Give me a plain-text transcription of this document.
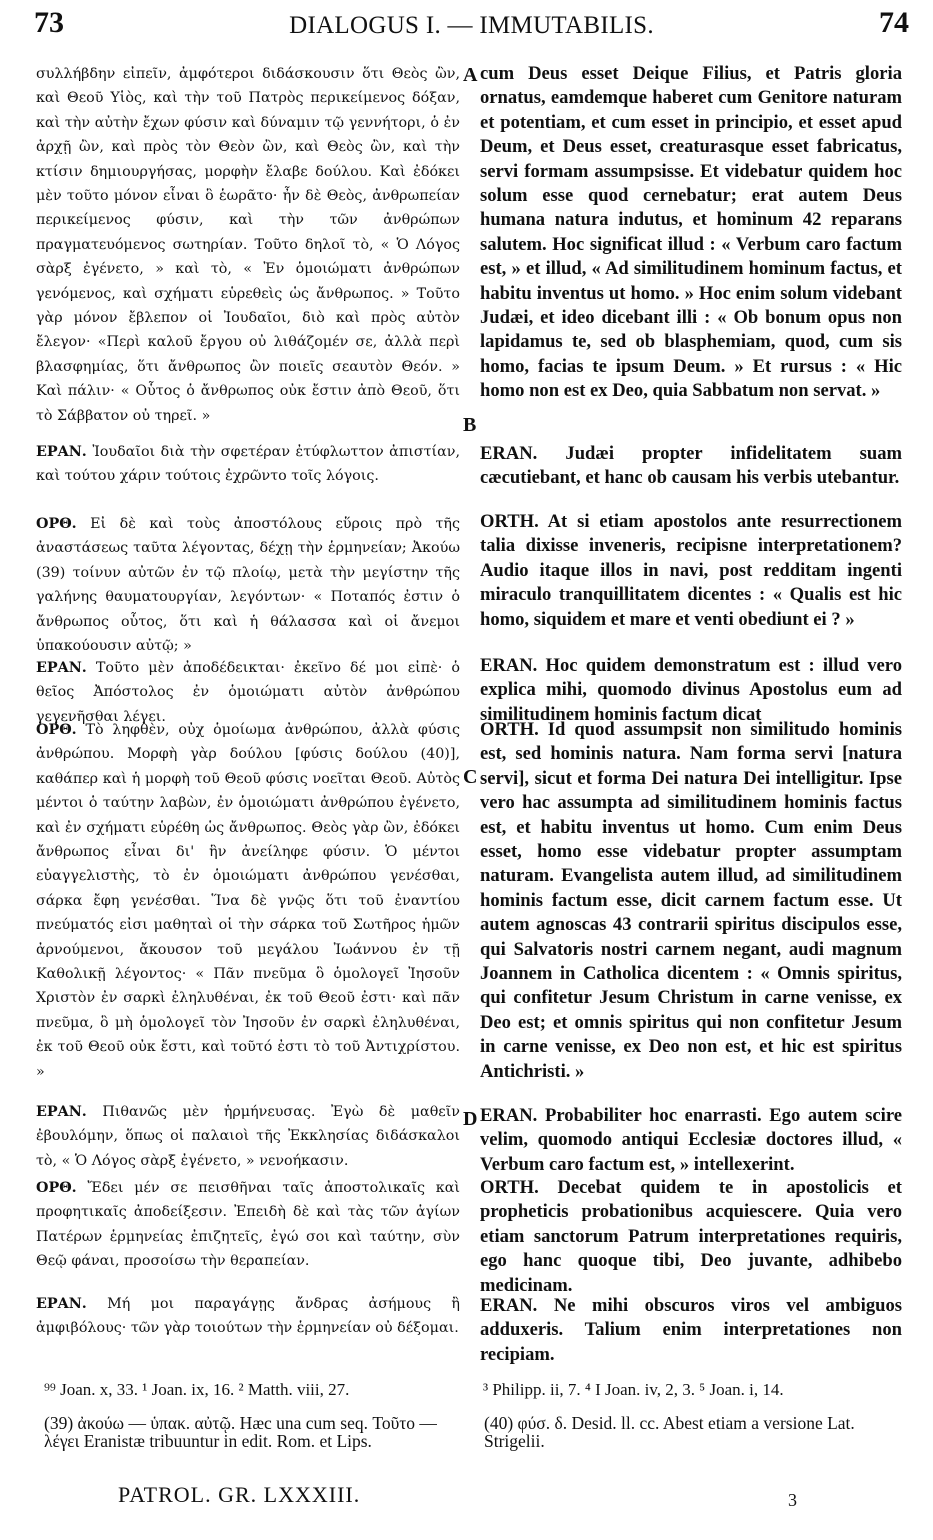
73	DIALOGUS I. — IMMUTABILIS.	74

συλλήβδην εἰπεῖν, ἀμφότεροι διδάσκουσιν ὅτι Θεὸς ὢν, καὶ Θεοῦ Υἱὸς, καὶ τὴν τοῦ Πατρὸς περικείμενος δόξαν, καὶ τὴν αὐτὴν ἔχων φύσιν καὶ δύναμιν τῷ γεννήτορι, ὁ ἐν ἀρχῇ ὢν, καὶ πρὸς τὸν Θεὸν ὢν, καὶ Θεὸς ὢν, καὶ τὴν κτίσιν δημιουργήσας, μορφὴν ἔλαβε δούλου. Καὶ ἐδόκει μὲν τοῦτο μόνον εἶναι ὃ ἑωρᾶτο· ἦν δὲ Θεὸς, ἀνθρωπείαν περικείμενος φύσιν, καὶ τὴν τῶν ἀνθρώπων πραγματευόμενος σωτηρίαν. Τοῦτο δηλοῖ τὸ, « Ὁ Λόγος σὰρξ ἐγένετο, » καὶ τὸ, « Ἐν ὁμοιώματι ἀνθρώπων γενόμενος, καὶ σχήματι εὑρεθεὶς ὡς ἄνθρωπος. » Τοῦτο γὰρ μόνον ἔβλεπον οἱ Ἰουδαῖοι, διὸ καὶ πρὸς αὐτὸν ἔλεγον· «Περὶ καλοῦ ἔργου οὐ λιθάζομέν σε, ἀλλὰ περὶ βλασφημίας, ὅτι ἄνθρωπος ὢν ποιεῖς σεαυτὸν Θεόν. » Καὶ πάλιν· « Οὗτος ὁ ἄνθρωπος οὐκ ἔστιν ἀπὸ Θεοῦ, ὅτι τὸ Σάββατον οὐ τηρεῖ. »

ΕΡΑΝ. Ἰουδαῖοι διὰ τὴν σφετέραν ἐτύφλωττον ἀπιστίαν, καὶ τούτου χάριν τούτοις ἐχρῶντο τοῖς λόγοις.

ΟΡΘ. Εἰ δὲ καὶ τοὺς ἀποστόλους εὕροις πρὸ τῆς ἀναστάσεως ταῦτα λέγοντας, δέχῃ τὴν ἑρμηνείαν; Ἀκούω (39) τοίνυν αὐτῶν ἐν τῷ πλοίῳ, μετὰ τὴν μεγίστην τῆς γαλήνης θαυματουργίαν, λεγόντων· « Ποταπός ἐστιν ὁ ἄνθρωπος οὗτος, ὅτι καὶ ἡ θάλασσα καὶ οἱ ἄνεμοι ὑπακούουσιν αὐτῷ; »

ΕΡΑΝ. Τοῦτο μὲν ἀποδέδεικται· ἐκεῖνο δέ μοι εἰπὲ· ὁ θεῖος Ἀπόστολος ἐν ὁμοιώματι αὐτὸν ἀνθρώπου γεγενῆσθαι λέγει.

ΟΡΘ. Τὸ ληφθὲν, οὐχ ὁμοίωμα ἀνθρώπου, ἀλλὰ φύσις ἀνθρώπου. Μορφὴ γὰρ δούλου [φύσις δούλου (40)], καθάπερ καὶ ἡ μορφὴ τοῦ Θεοῦ φύσις νοεῖται Θεοῦ. Αὐτὸς μέντοι ὁ ταύτην λαβὼν, ἐν ὁμοιώματι ἀνθρώπου ἐγένετο, καὶ ἐν σχήματι εὑρέθη ὡς ἄνθρωπος. Θεὸς γὰρ ὢν, ἐδόκει ἄνθρωπος εἶναι δι' ἣν ἀνείληφε φύσιν. Ὁ μέντοι εὐαγγελιστὴς, τὸ ἐν ὁμοιώματι ἀνθρώπου γενέσθαι, σάρκα ἔφη γενέσθαι. Ἵνα δὲ γνῷς ὅτι τοῦ ἐναντίου πνεύματός εἰσι μαθηταὶ οἱ τὴν σάρκα τοῦ Σωτῆρος ἡμῶν ἀρνούμενοι, ἄκουσον τοῦ μεγάλου Ἰωάννου ἐν τῇ Καθολικῇ λέγοντος· « Πᾶν πνεῦμα ὃ ὁμολογεῖ Ἰησοῦν Χριστὸν ἐν σαρκὶ ἐληλυθέναι, ἐκ τοῦ Θεοῦ ἐστι· καὶ πᾶν πνεῦμα, ὃ μὴ ὁμολογεῖ τὸν Ἰησοῦν ἐν σαρκὶ ἐληλυθέναι, ἐκ τοῦ Θεοῦ οὐκ ἔστι, καὶ τοῦτό ἐστι τὸ τοῦ Ἀντιχρίστου. »

ΕΡΑΝ. Πιθανῶς μὲν ἡρμήνευσας. Ἐγὼ δὲ μαθεῖν ἐβουλόμην, ὅπως οἱ παλαιοὶ τῆς Ἐκκλησίας διδάσκαλοι τὸ, « Ὁ Λόγος σὰρξ ἐγένετο, » νενοήκασιν.

ΟΡΘ. Ἔδει μέν σε πεισθῆναι ταῖς ἀποστολικαῖς καὶ προφητικαῖς ἀποδείξεσιν. Ἐπειδὴ δὲ καὶ τὰς τῶν ἁγίων Πατέρων ἑρμηνείας ἐπιζητεῖς, ἐγώ σοι καὶ ταύτην, σὺν Θεῷ φάναι, προσοίσω τὴν θεραπείαν.

ΕΡΑΝ. Μή μοι παραγάγῃς ἄνδρας ἀσήμους ἢ ἀμφιβόλους· τῶν γὰρ τοιούτων τὴν ἑρμηνείαν οὐ δέξομαι.

A
B
C
D

cum Deus esset Deique Filius, et Patris gloria ornatus, eamdemque haberet cum Genitore naturam et potentiam, et cum esset in principio, et esset apud Deum, et Deus esset, creaturasque esset fabricatus, servi formam assumpsisse. Et videbatur quidem hoc solum esse quod cernebatur; erat autem Deus humana natura indutus, et hominum 42 reparans salutem. Hoc significat illud : « Verbum caro factum est, » et illud, « Ad similitudinem hominum factus, et habitu inventus ut homo. » Hoc enim solum videbant Judæi, et ideo dicebant illi : « Ob bonum opus non lapidamus te, sed ob blasphemiam, quod, cum sis homo, facias te ipsum Deum. » Et rursus : « Hic homo non est ex Deo, quia Sabbatum non servat. »

ERAN. Judæi propter infidelitatem suam cæcutiebant, et hanc ob causam his verbis utebantur.

ORTH. At si etiam apostolos ante resurrectionem talia dixisse inveneris, recipisne interpretationem? Audio itaque illos in navi, post redditam ingenti miraculo tranquillitatem dicentes : « Qualis est hic homo, siquidem et mare et venti obediunt ei ? »

ERAN. Hoc quidem demonstratum est : illud vero explica mihi, quomodo divinus Apostolus eum ad similitudinem hominis factum dicat

ORTH. Id quod assumpsit non similitudo hominis est, sed hominis natura. Nam forma servi [natura servi], sicut et forma Dei natura Dei intelligitur. Ipse vero hac assumpta ad similitudinem hominis factus est, et habitu inventus ut homo. Cum enim Deus esset, homo esse videbatur propter assumptam naturam. Evangelista autem illud, ad similitudinem hominis factum esse, dicit carnem factum esse. Ut autem agnoscas 43 contrarii spiritus discipulos esse, qui Salvatoris nostri carnem negant, audi magnum Joannem in Catholica dicentem : « Omnis spiritus, qui confitetur Jesum Christum in carne venisse, ex Deo est; et omnis spiritus qui non confitetur Jesum in carne venisse, ex Deo non est, et hic est spiritus Antichristi. »

ERAN. Probabiliter hoc enarrasti. Ego autem scire velim, quomodo antiqui Ecclesiæ doctores illud, « Verbum caro factum est, » intellexerint.

ORTH. Decebat quidem te in apostolicis et propheticis probationibus acquiescere. Quia vero etiam sanctorum Patrum interpretationes requiris, ego hanc quoque tibi, Deo juvante, adhibebo medicinam.

ERAN. Ne mihi obscuros viros vel ambiguos adduxeris. Talium enim interpretationes non recipiam.

⁹⁹ Joan. x, 33. ¹ Joan. ix, 16. ² Matth. viii, 27.	³ Philipp. ii, 7. ⁴ I Joan. iv, 2, 3. ⁵ Joan. i, 14.
(39) ἀκούω — ὑπακ. αὐτῷ. Hæc una cum seq. Τοῦτο — λέγει Eranistæ tribuuntur in edit. Rom. et Lips.
(40) φύσ. δ. Desid. ll. cc. Abest etiam a versione Lat. Strigelii.
PATROL. GR. LXXXIII.	3
